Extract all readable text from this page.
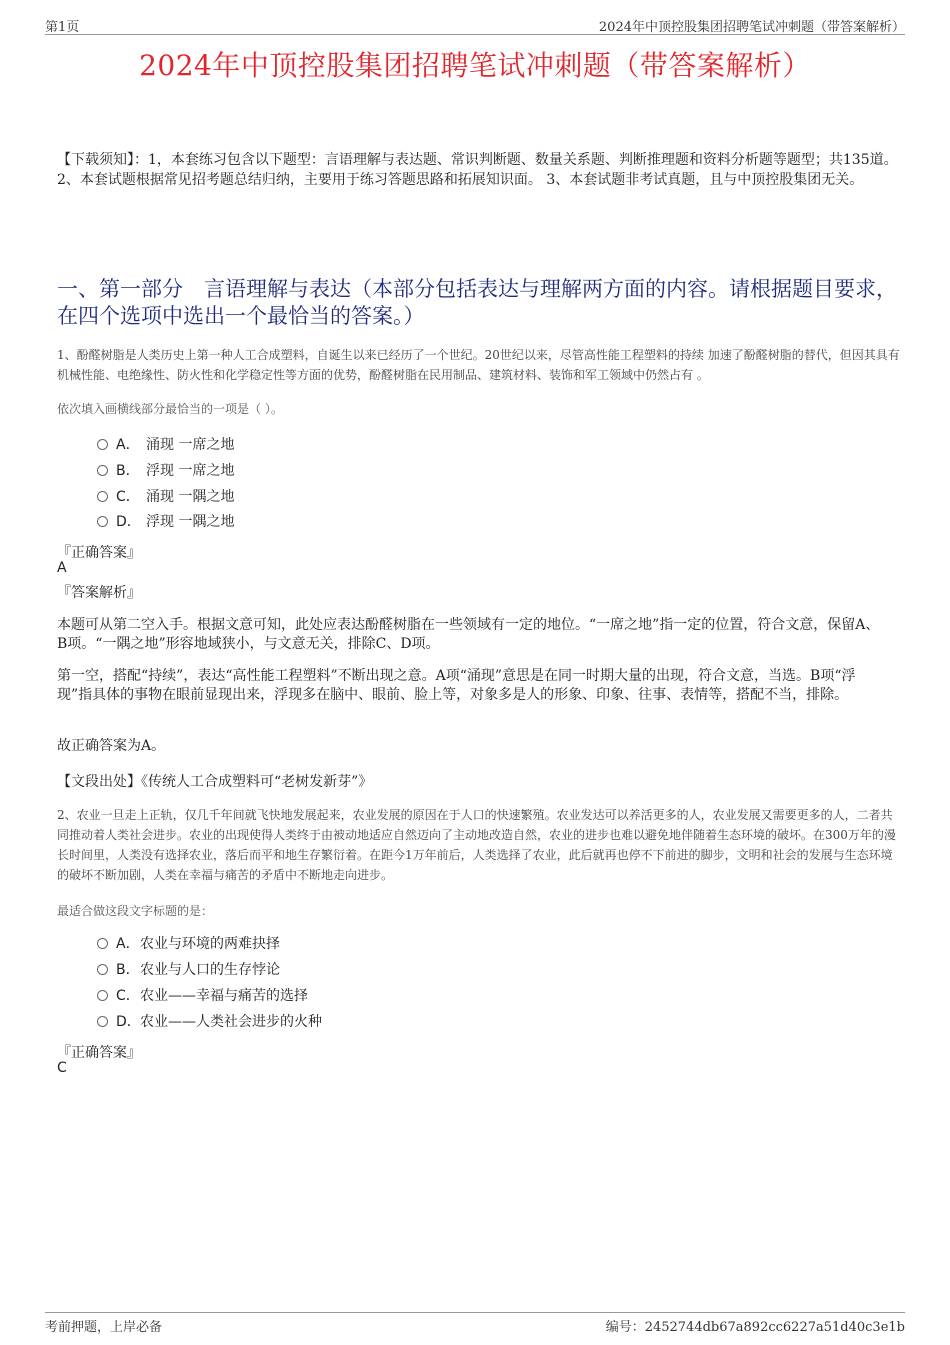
第1页	2024年中顶控股集团招聘笔试冲刺题（带答案解析）
2024年中顶控股集团招聘笔试冲刺题（带答案解析）
【下载须知】：1，本套练习包含以下题型：言语理解与表达题、常识判断题、数量关系题、判断推理题和资料分析题等题型；共135道。 2、本套试题根据常见招考题总结归纳，主要用于练习答题思路和拓展知识面。 3、本套试题非考试真题，且与中顶控股集团无关。
一、第一部分　言语理解与表达（本部分包括表达与理解两方面的内容。请根据题目要求，在四个选项中选出一个最恰当的答案。）
1、酚醛树脂是人类历史上第一种人工合成塑料，自诞生以来已经历了一个世纪。20世纪以来，尽管高性能工程塑料的持续 加速了酚醛树脂的替代，但因其具有机械性能、电绝缘性、防火性和化学稳定性等方面的优势，酚醛树脂在民用制品、建筑材料、装饰和军工领域中仍然占有 。
依次填入画横线部分最恰当的一项是（ ）。
A． 涌现 一席之地
B． 浮现 一席之地
C． 涌现 一隅之地
D． 浮现 一隅之地
『正确答案』
A
『答案解析』
本题可从第二空入手。根据文意可知，此处应表达酚醛树脂在一些领域有一定的地位。“一席之地”指一定的位置，符合文意，保留A、B项。“一隅之地”形容地域狭小，与文意无关，排除C、D项。
第一空，搭配“持续”，表达“高性能工程塑料”不断出现之意。A项“涌现”意思是在同一时期大量的出现，符合文意，当选。B项“浮现”指具体的事物在眼前显现出来，浮现多在脑中、眼前、脸上等，对象多是人的形象、印象、往事、表情等，搭配不当，排除。
故正确答案为A。
【文段出处】《传统人工合成塑料可“老树发新芽”》
2、农业一旦走上正轨，仅几千年间就飞快地发展起来，农业发展的原因在于人口的快速繁殖。农业发达可以养活更多的人，农业发展又需要更多的人，二者共同推动着人类社会进步。农业的出现使得人类终于由被动地适应自然迈向了主动地改造自然，农业的进步也难以避免地伴随着生态环境的破坏。在300万年的漫长时间里，人类没有选择农业，落后而平和地生存繁衍着。在距今1万年前后，人类选择了农业，此后就再也停不下前进的脚步，文明和社会的发展与生态环境的破坏不断加剧，人类在幸福与痛苦的矛盾中不断地走向进步。
最适合做这段文字标题的是：
A．农业与环境的两难抉择
B．农业与人口的生存悖论
C．农业——幸福与痛苦的选择
D．农业——人类社会进步的火种
『正确答案』
C
考前押题，上岸必备	编号：2452744db67a892cc6227a51d40c3e1b
